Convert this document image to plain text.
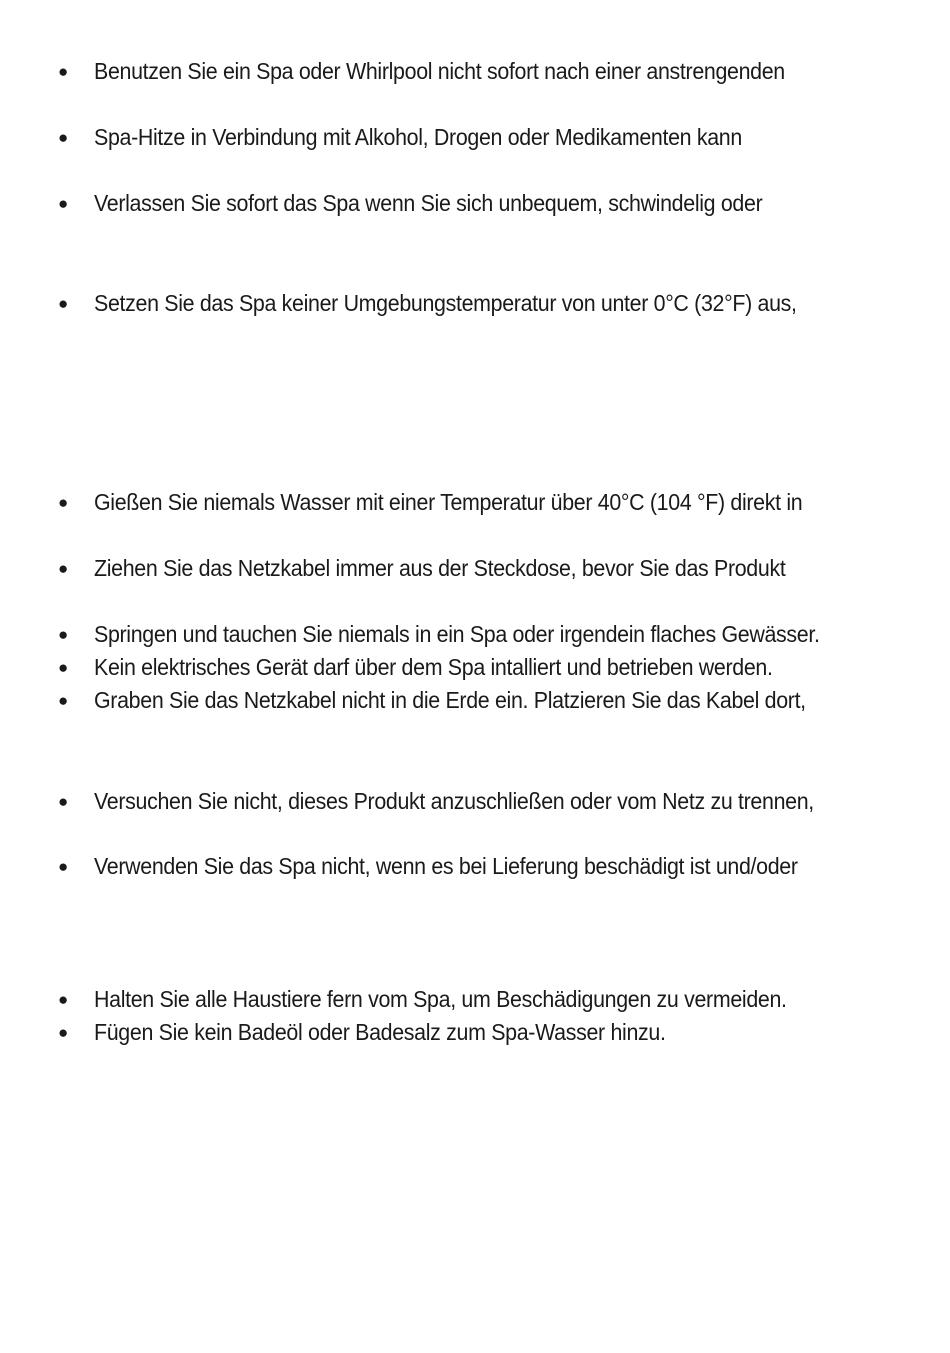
●	Benutzen Sie ein Spa oder Whirlpool nicht sofort nach einer anstrengenden
●	Spa-Hitze in Verbindung mit Alkohol, Drogen oder Medikamenten kann
●	Verlassen Sie sofort das Spa wenn Sie sich unbequem, schwindelig oder
●	Setzen Sie das Spa keiner Umgebungstemperatur von unter 0°C (32°F) aus,
●	Gießen Sie niemals Wasser mit einer Temperatur über 40°C (104 °F) direkt in
●	Ziehen Sie das Netzkabel immer aus der Steckdose, bevor Sie das Produkt
●	Springen und tauchen Sie niemals in ein Spa oder irgendein flaches Gewässer.
●	Kein elektrisches Gerät darf über dem Spa intalliert und betrieben werden.
●	Graben Sie das Netzkabel nicht in die Erde ein. Platzieren Sie das Kabel dort,
●	Versuchen Sie nicht, dieses Produkt anzuschließen oder vom Netz zu trennen,
●	Verwenden Sie das Spa nicht, wenn es bei Lieferung beschädigt ist und/oder
●	Halten Sie alle Haustiere fern vom Spa, um Beschädigungen zu vermeiden.
●	Fügen Sie kein Badeöl oder Badesalz zum Spa-Wasser hinzu.
